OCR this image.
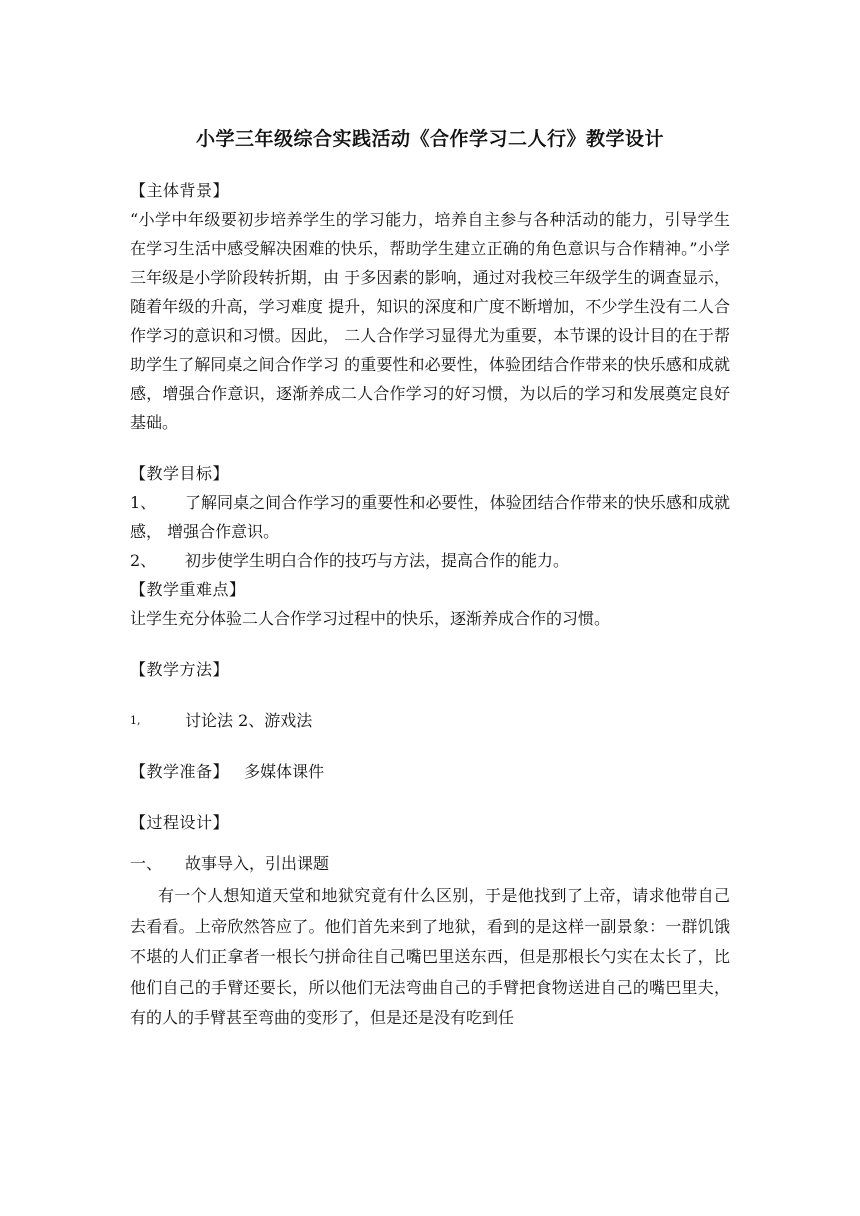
小学三年级综合实践活动《合作学习二人行》教学设计

【主体背景】

“小学中年级要初步培养学生的学习能力，培养自主参与各种活动的能力，引导学生在学习生活中感受解决困难的快乐，帮助学生建立正确的角色意识与合作精神。”小学三年级是小学阶段转折期，由 于多因素的影响，通过对我校三年级学生的调查显示，随着年级的升高，学习难度 提升，知识的深度和广度不断增加，不少学生没有二人合作学习的意识和习惯。因此， 二人合作学习显得尤为重要，本节课的设计目的在于帮助学生了解同桌之间合作学习 的重要性和必要性，体验团结合作带来的快乐感和成就感，增强合作意识，逐渐养成二人合作学习的好习惯，为以后的学习和发展奠定良好基础。

【教学目标】

1、	了解同桌之间合作学习的重要性和必要性，体验团结合作带来的快乐感和成就感， 增强合作意识。

2、	初步使学生明白合作的技巧与方法，提高合作的能力。

【教学重难点】

让学生充分体验二人合作学习过程中的快乐，逐渐养成合作的习惯。

【教学方法】

1,	讨论法 2、游戏法

【教学准备】 多媒体课件

【过程设计】

一、	故事导入，引出课题

有一个人想知道天堂和地狱究竟有什么区别，于是他找到了上帝，请求他带自己 去看看。上帝欣然答应了。他们首先来到了地狱，看到的是这样一副景象：一群饥饿 不堪的人们正拿者一根长勺拼命往自己嘴巴里送东西，但是那根长勺实在太长了，比 他们自己的手臂还要长，所以他们无法弯曲自己的手臂把食物送进自己的嘴巴里夫， 有的人的手臂甚至弯曲的变形了，但是还是没有吃到任
